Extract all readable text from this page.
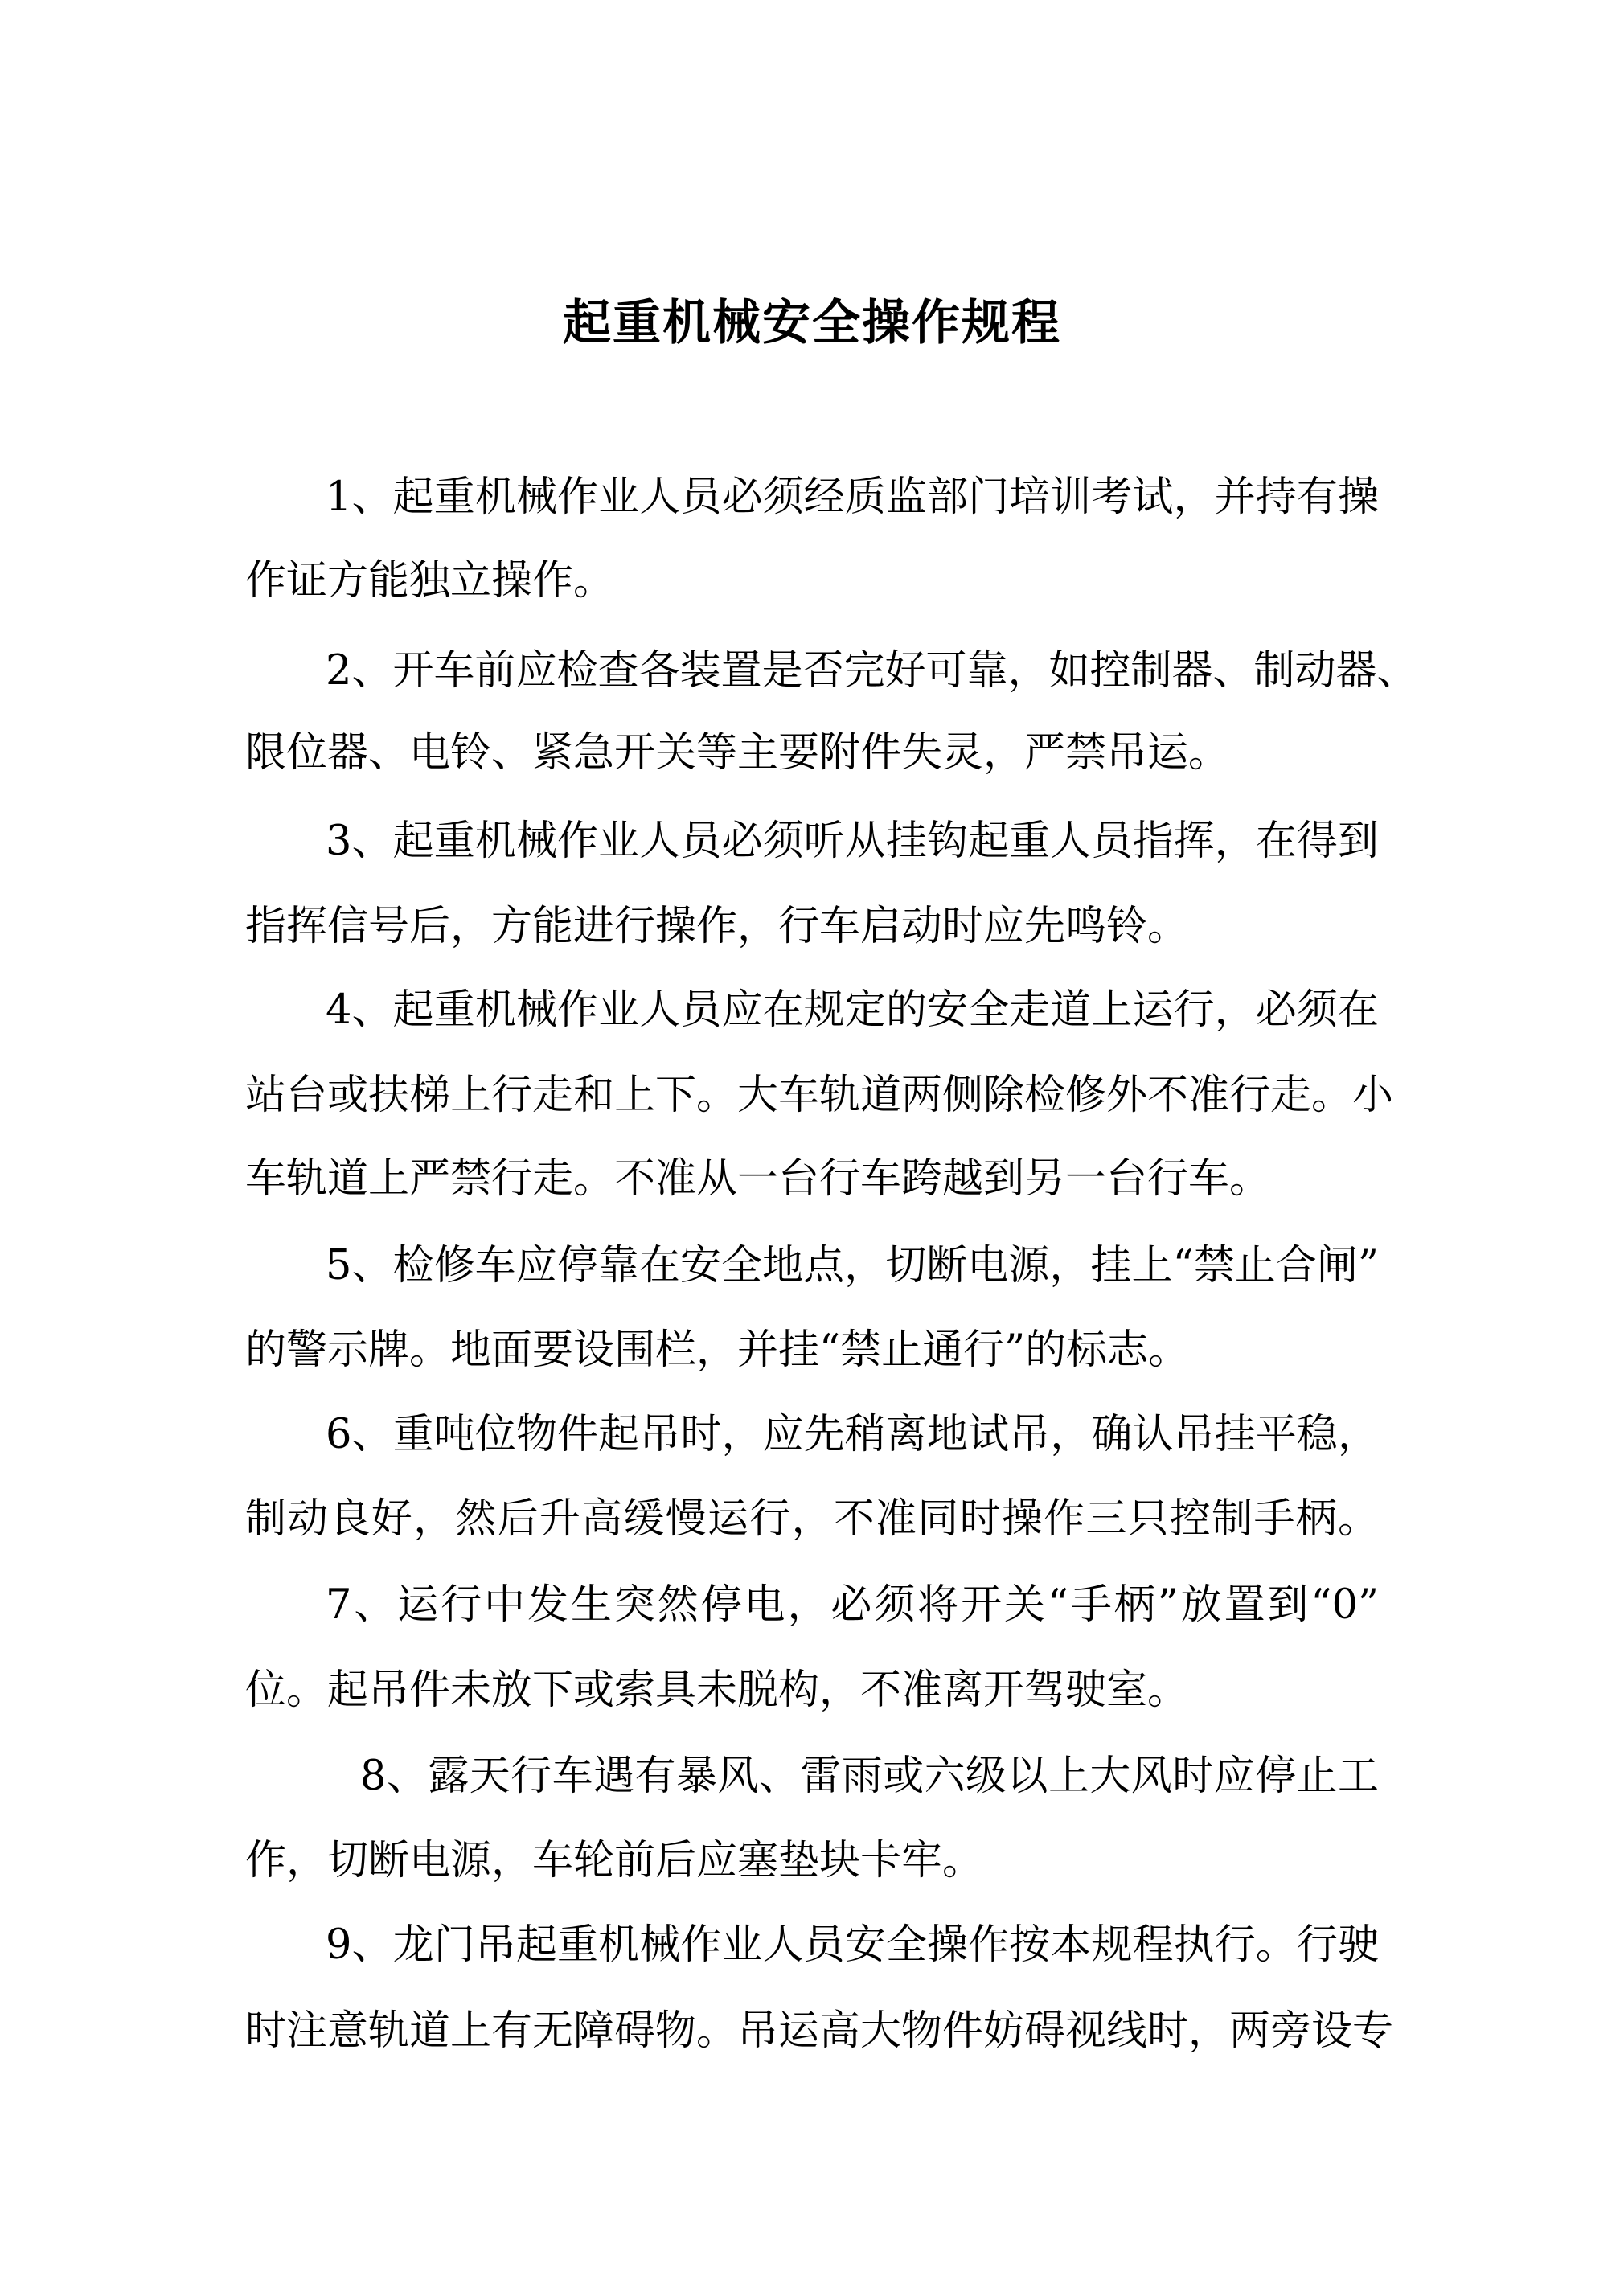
起重机械安全操作规程
1、起重机械作业人员必须经质监部门培训考试，并持有操
作证方能独立操作。
2、开车前应检查各装置是否完好可靠，如控制器、制动器、
限位器、电铃、紧急开关等主要附件失灵，严禁吊运。
3、起重机械作业人员必须听从挂钩起重人员指挥，在得到
指挥信号后，方能进行操作，行车启动时应先鸣铃。
4、起重机械作业人员应在规定的安全走道上运行，必须在
站台或扶梯上行走和上下。大车轨道两侧除检修外不准行走。小
车轨道上严禁行走。不准从一台行车跨越到另一台行车。
5、检修车应停靠在安全地点，切断电源，挂上“禁止合闸”
的警示牌。地面要设围栏，并挂“禁止通行”的标志。
6、重吨位物件起吊时，应先稍离地试吊，确认吊挂平稳，
制动良好，然后升高缓慢运行，不准同时操作三只控制手柄。
7、运行中发生突然停电，必须将开关“手柄”放置到“0”
位。起吊件未放下或索具未脱构，不准离开驾驶室。
8、露天行车遇有暴风、雷雨或六级以上大风时应停止工
作，切断电源，车轮前后应塞垫块卡牢。
9、龙门吊起重机械作业人员安全操作按本规程执行。行驶
时注意轨道上有无障碍物。吊运高大物件妨碍视线时，两旁设专
